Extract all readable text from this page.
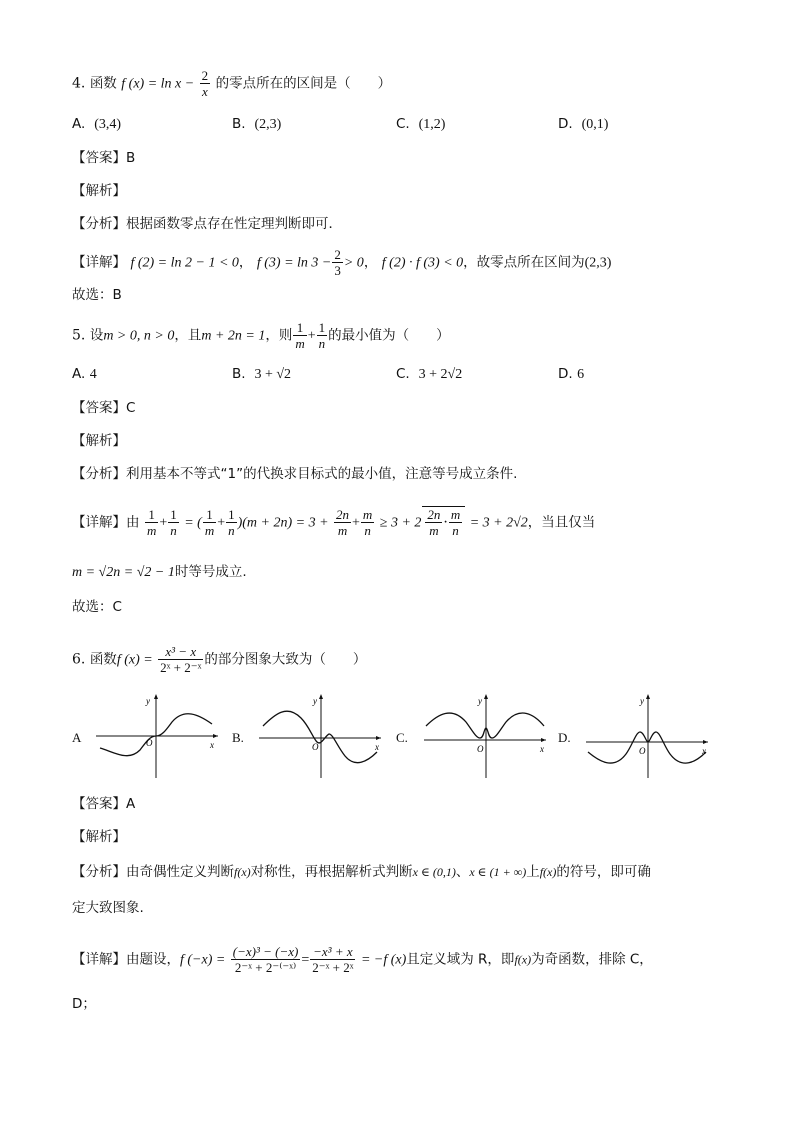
4. 函数 f $(x) = \ln x - \frac{2}{x}$ 的零点所在的区间是（　　）
A. (3,4)	B. (2,3)	C. (1,2)	D. (0,1)
【答案】B
【解析】
【分析】根据函数零点存在性定理判断即可．
【详解】 f (2) = ln 2 − 1 < 0， f $(3) = \ln 3 - \frac{2}{3} > 0$， f (2) · f (3) < 0，故零点所在区间为(2,3)
故选：B
5. 设m > 0, n > 0，且m + 2n = 1，则 $\frac{1}{m} + \frac{1}{n}$ 的最小值为（　　）
A. 4	B. 3 + √2	C. 3 + 2√2	D. 6
【答案】C
【解析】
【分析】利用基本不等式“1”的代换求目标式的最小值，注意等号成立条件.
【详解】由 $\frac{1}{m} + \frac{1}{n}$ = ( $\frac{1}{m} + \frac{1}{n} )(m + 2n) = 3 + \frac{2n}{m} + \frac{m}{n} \ge 3 + 2 \frac{2n}{m} \cdot \frac{m}{n} = 3 + 2√2$，当且仅当
m = √2n = √2 − 1时等号成立.
故选：C
6. 函数f $(x) = \frac{\text{x³ − x}}{\text{2ˣ + 2⁻ˣ}}$ 的部分图象大致为（　　）
A
y
x
O	B.
y
x
O
C.
y
x
O
D.
y
x
O
【答案】A
【解析】
【分析】由奇偶性定义判断f(x)对称性，再根据解析式判断x ∈ (0,1)、x ∈ (1 + ∞)上f(x)的符号，即可确
定大致图象.
【详解】由题设，f $(-x) = \frac{\text{(−x)³ − (−x)}}{\text{2⁻ˣ + 2⁻⁽⁻ˣ⁾}} = \frac{\text{−x³ + x}}{\text{2⁻ˣ + 2ˣ}} = -f$ (x)且定义域为 R，即f(x)为奇函数，排除 C，
D；
